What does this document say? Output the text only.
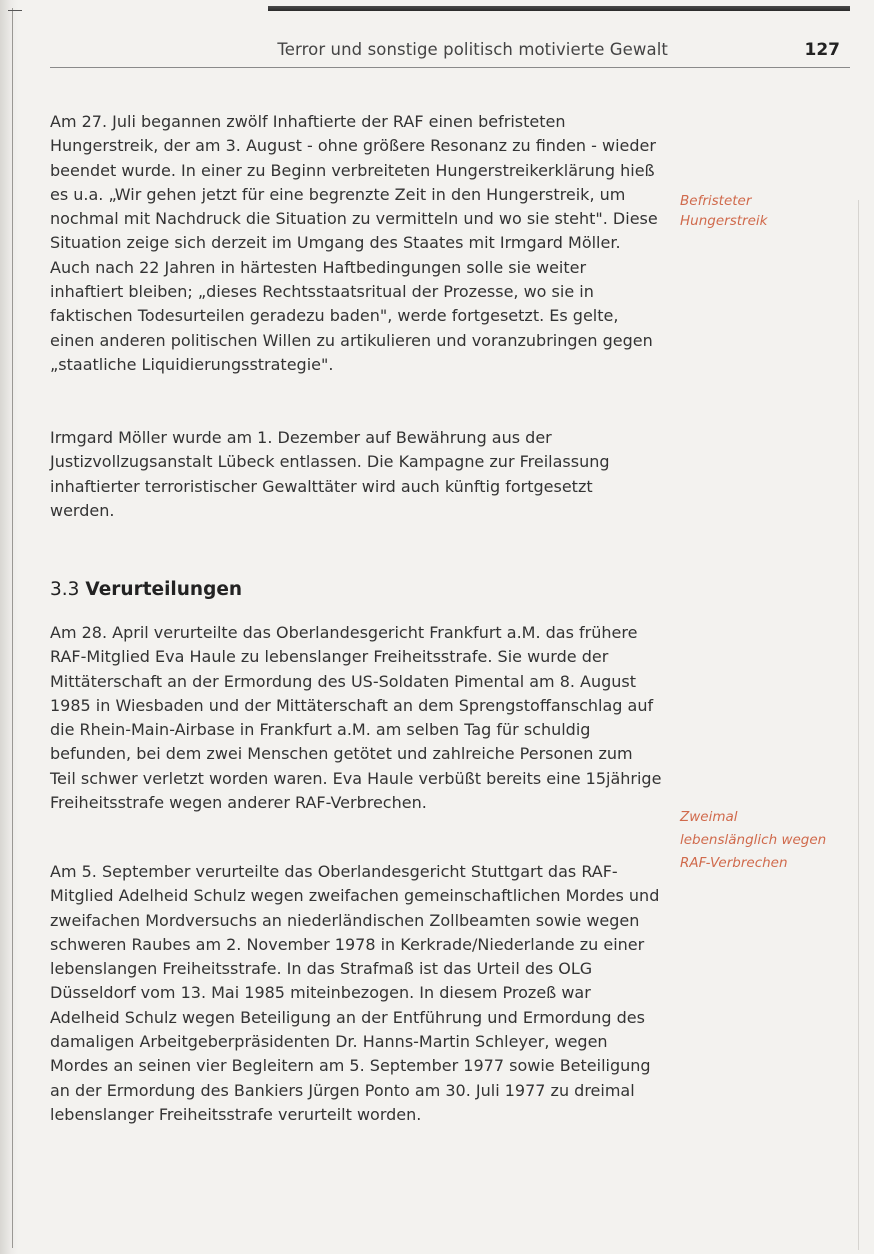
Terror und sonstige politisch motivierte Gewalt	127

Am 27. Juli begannen zwölf Inhaftierte der RAF einen befristeten Hungerstreik, der am 3. August - ohne größere Resonanz zu finden - wieder beendet wurde. In einer zu Beginn verbreiteten Hungerstreikerklärung hieß es u.a. „Wir gehen jetzt für eine begrenzte Zeit in den Hungerstreik, um nochmal mit Nachdruck die Situation zu vermitteln und wo sie steht". Diese Situation zeige sich derzeit im Umgang des Staates mit Irmgard Möller. Auch nach 22 Jahren in härtesten Haftbedingungen solle sie weiter inhaftiert bleiben; „dieses Rechtsstaatsritual der Prozesse, wo sie in faktischen Todesurteilen geradezu baden", werde fortgesetzt. Es gelte, einen anderen politischen Willen zu artikulieren und voranzubringen gegen „staatliche Liquidierungsstrategie".

Befristeter Hungerstreik

Irmgard Möller wurde am 1. Dezember auf Bewährung aus der Justizvollzugsanstalt Lübeck entlassen. Die Kampagne zur Freilassung inhaftierter terroristischer Gewalttäter wird auch künftig fortgesetzt werden.

3.3 Verurteilungen

Am 28. April verurteilte das Oberlandesgericht Frankfurt a.M. das frühere RAF-Mitglied Eva Haule zu lebenslanger Freiheitsstrafe. Sie wurde der Mittäterschaft an der Ermordung des US-Soldaten Pimental am 8. August 1985 in Wiesbaden und der Mittäterschaft an dem Sprengstoffanschlag auf die Rhein-Main-Airbase in Frankfurt a.M. am selben Tag für schuldig befunden, bei dem zwei Menschen getötet und zahlreiche Personen zum Teil schwer verletzt worden waren. Eva Haule verbüßt bereits eine 15jährige Freiheitsstrafe wegen anderer RAF-Verbrechen.

Zweimal lebenslänglich wegen RAF-Verbrechen

Am 5. September verurteilte das Oberlandesgericht Stuttgart das RAF-Mitglied Adelheid Schulz wegen zweifachen gemeinschaftlichen Mordes und zweifachen Mordversuchs an niederländischen Zollbeamten sowie wegen schweren Raubes am 2. November 1978 in Kerkrade/Niederlande zu einer lebenslangen Freiheitsstrafe. In das Strafmaß ist das Urteil des OLG Düsseldorf vom 13. Mai 1985 miteinbezogen. In diesem Prozeß war Adelheid Schulz wegen Beteiligung an der Entführung und Ermordung des damaligen Arbeitgeberpräsidenten Dr. Hanns-Martin Schleyer, wegen Mordes an seinen vier Begleitern am 5. September 1977 sowie Beteiligung an der Ermordung des Bankiers Jürgen Ponto am 30. Juli 1977 zu dreimal lebenslanger Freiheitsstrafe verurteilt worden.
